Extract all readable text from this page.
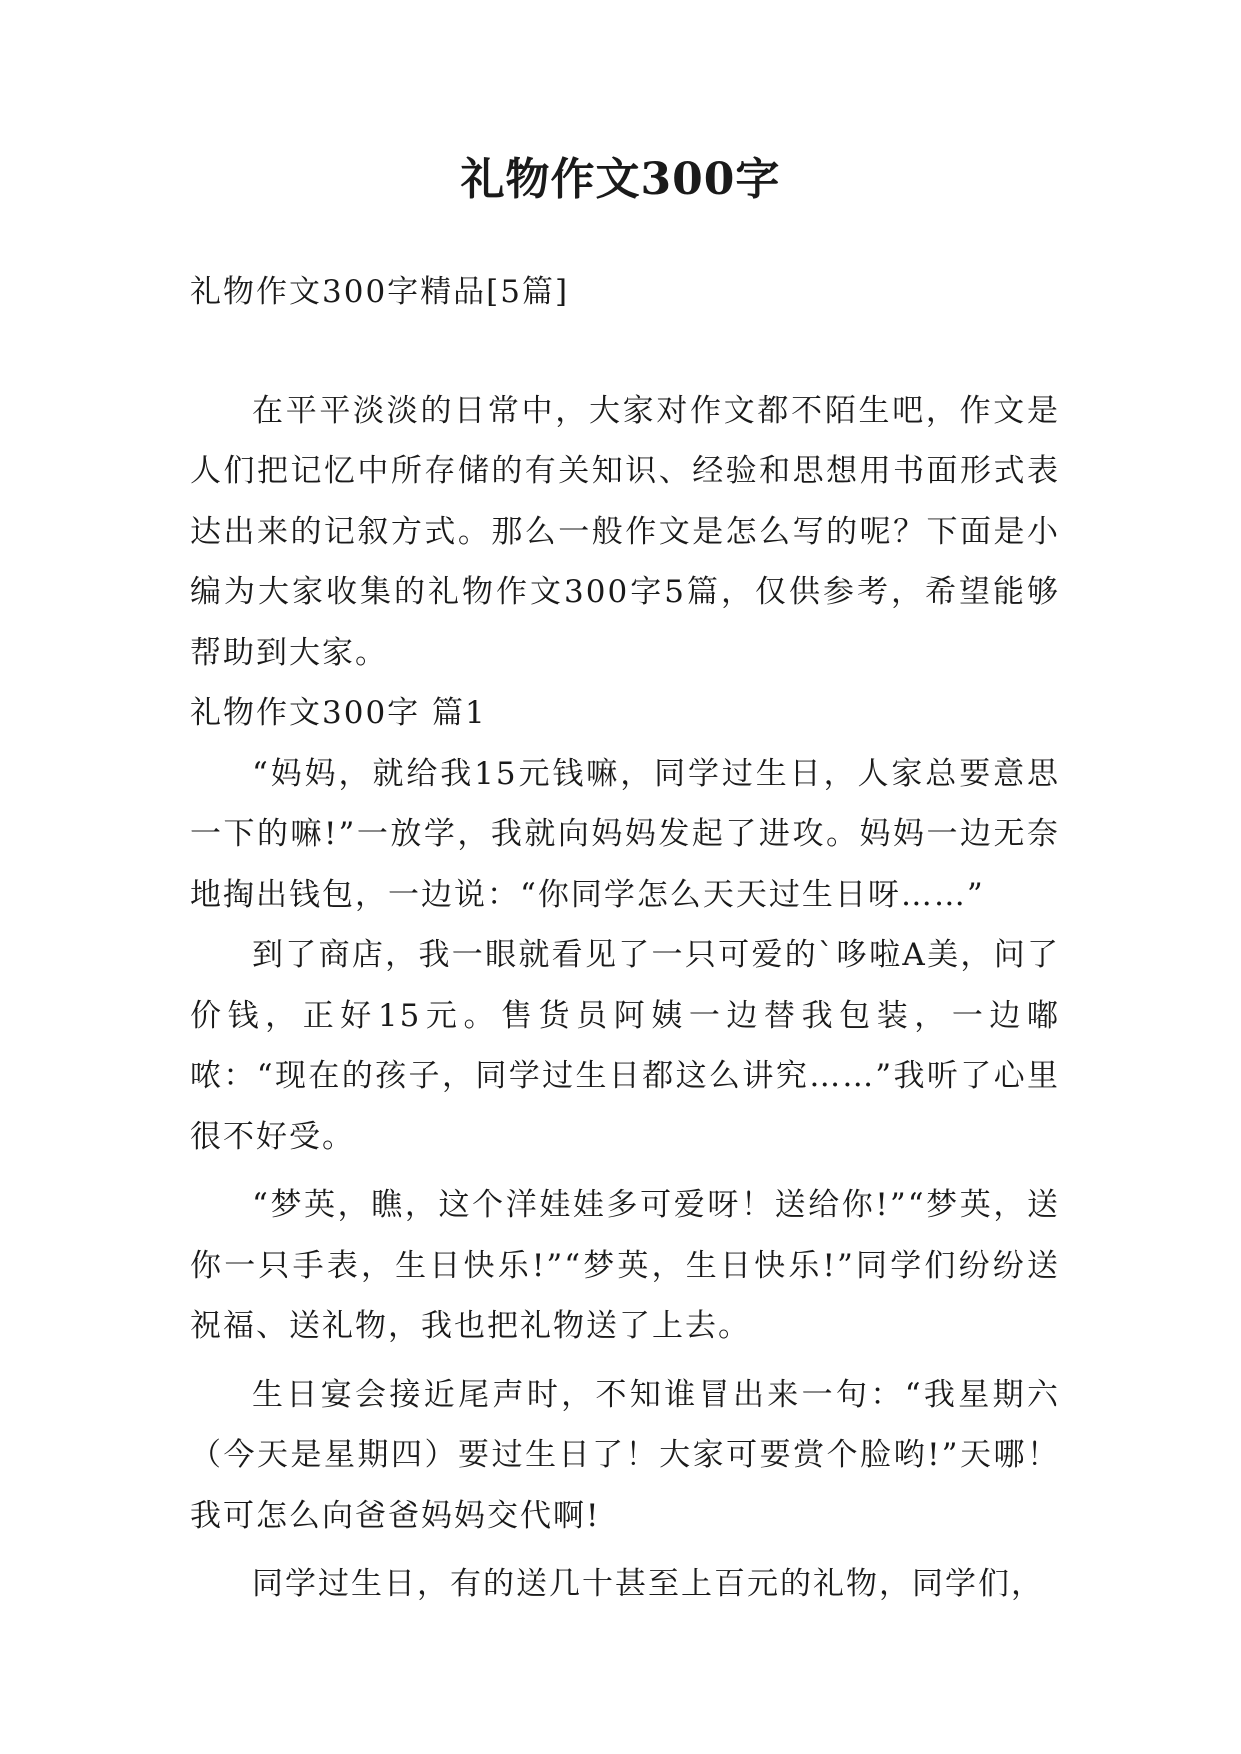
礼物作文300字

礼物作文300字精品[5篇]

在平平淡淡的日常中，大家对作文都不陌生吧，作文是人们把记忆中所存储的有关知识、经验和思想用书面形式表达出来的记叙方式。那么一般作文是怎么写的呢？下面是小编为大家收集的礼物作文300字5篇，仅供参考，希望能够帮助到大家。

礼物作文300字 篇1

“妈妈，就给我15元钱嘛，同学过生日，人家总要意思一下的嘛!”一放学，我就向妈妈发起了进攻。妈妈一边无奈地掏出钱包，一边说：“你同学怎么天天过生日呀……”

到了商店，我一眼就看见了一只可爱的`哆啦A美，问了价钱，正好15元。售货员阿姨一边替我包装，一边嘟哝：“现在的孩子，同学过生日都这么讲究……”我听了心里很不好受。

“梦英，瞧，这个洋娃娃多可爱呀！送给你!”“梦英，送你一只手表，生日快乐!”“梦英，生日快乐!”同学们纷纷送祝福、送礼物，我也把礼物送了上去。

生日宴会接近尾声时，不知谁冒出来一句：“我星期六（今天是星期四）要过生日了！大家可要赏个脸哟!”天哪！我可怎么向爸爸妈妈交代啊!

同学过生日，有的送几十甚至上百元的礼物，同学们，
